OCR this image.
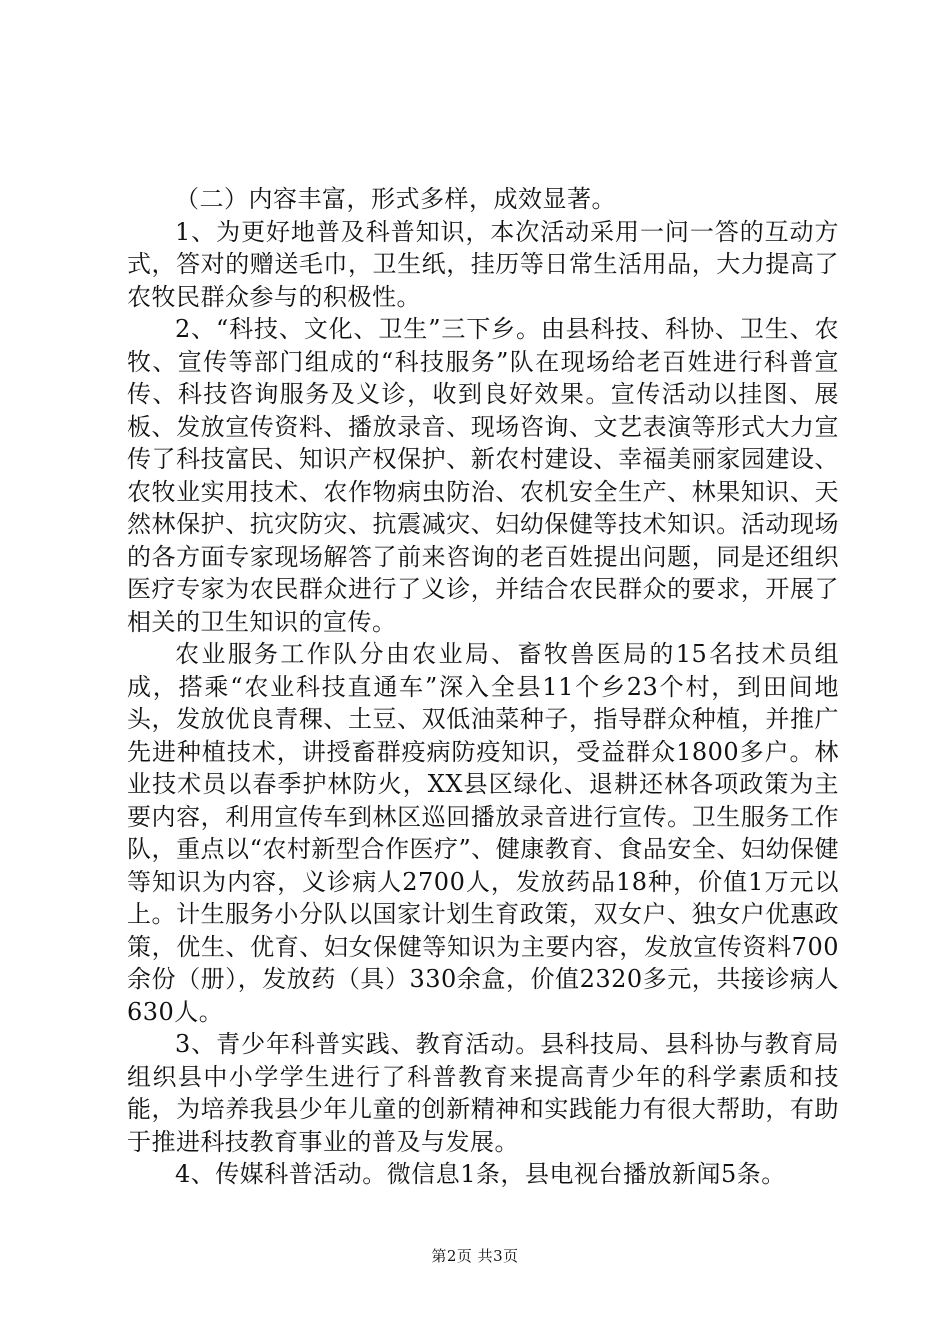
（二）内容丰富，形式多样，成效显著。

1、为更好地普及科普知识，本次活动采用一问一答的互动方式，答对的赠送毛巾，卫生纸，挂历等日常生活用品，大力提高了农牧民群众参与的积极性。

2、“科技、文化、卫生”三下乡。由县科技、科协、卫生、农牧、宣传等部门组成的“科技服务”队在现场给老百姓进行科普宣传、科技咨询服务及义诊，收到良好效果。宣传活动以挂图、展板、发放宣传资料、播放录音、现场咨询、文艺表演等形式大力宣传了科技富民、知识产权保护、新农村建设、幸福美丽家园建设、农牧业实用技术、农作物病虫防治、农机安全生产、林果知识、天然林保护、抗灾防灾、抗震减灾、妇幼保健等技术知识。活动现场的各方面专家现场解答了前来咨询的老百姓提出问题，同是还组织医疗专家为农民群众进行了义诊，并结合农民群众的要求，开展了相关的卫生知识的宣传。

农业服务工作队分由农业局、畜牧兽医局的15名技术员组成，搭乘“农业科技直通车”深入全县11个乡23个村，到田间地头，发放优良青稞、土豆、双低油菜种子，指导群众种植，并推广先进种植技术，讲授畜群疫病防疫知识，受益群众1800多户。林业技术员以春季护林防火，XX县区绿化、退耕还林各项政策为主要内容，利用宣传车到林区巡回播放录音进行宣传。卫生服务工作队，重点以“农村新型合作医疗”、健康教育、食品安全、妇幼保健等知识为内容，义诊病人2700人，发放药品18种，价值1万元以上。计生服务小分队以国家计划生育政策，双女户、独女户优惠政策，优生、优育、妇女保健等知识为主要内容，发放宣传资料700余份（册），发放药（具）330余盒，价值2320多元，共接诊病人630人。

3、青少年科普实践、教育活动。县科技局、县科协与教育局组织县中小学学生进行了科普教育来提高青少年的科学素质和技能，为培养我县少年儿童的创新精神和实践能力有很大帮助，有助于推进科技教育事业的普及与发展。

4、传媒科普活动。微信息1条，县电视台播放新闻5条。

第2页 共3页
